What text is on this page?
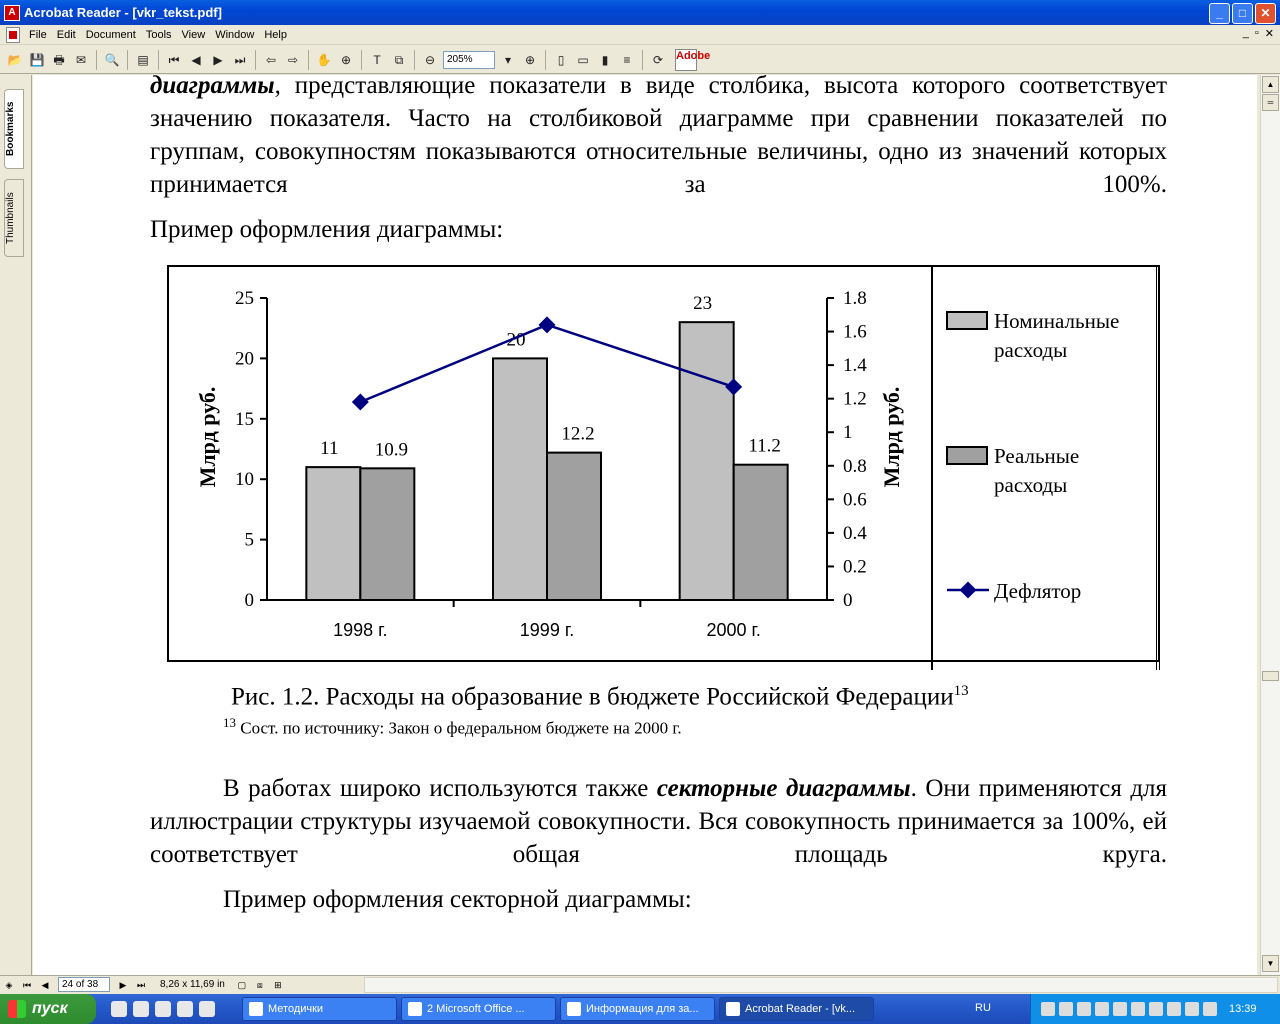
A Acrobat Reader - [vkr_tekst.pdf]	_	□	✕
File Edit Document Tools View Window Help	_ ▫ ✕
📂 💾 🖶 ✉	🔍 ▤ ⏮ ◀	▶ ⏭	⇦ ⇨	✋ ⊕	T	⧉	⊖	205%	▾	⊕	▯	▭	▮	≡	⟳	Adobe
Bookmarks
Thumbnails
диаграммы, представляющие показатели в виде столбика, высота которого соответствует значению показателя. Часто на столбиковой диаграмме при сравнении показателей по группам, совокупностям показываются относительные величины, одно из значений которых принимается за 100%.
Пример оформления диаграммы:
0
5
10
15
20
25
0
0.2
0.4
0.6
0.8
1
1.2
1.4
1.6
1.8
Млрд руб.	Млрд руб.
1998 г.
11 10.9
1999 г.
20
12.2
2000 г.
23
11.2
Номинальные расходы
Реальные расходы
Дефлятор
Рис. 1.2. Расходы на образование в бюджете Российской Федерации$^{13}$
$^{13}$ Сост. по источнику: Закон о федеральном бюджете на 2000 г.
В работах широко используются также секторные диаграммы. Они применяются для иллюстрации структуры изучаемой совокупности. Вся совокупность принимается за 100%, ей соответствует общая площадь круга.
Пример оформления секторной диаграммы:
▲
═
▼
◈	⏮	◀	24 of 38	▶	⏭ 8,26 x 11,69 in	▢	⧈	⊞
пуск	Методички	2 Microsoft Office ...	Информация для за...	Acrobat Reader - [vk...	13:39
RU
